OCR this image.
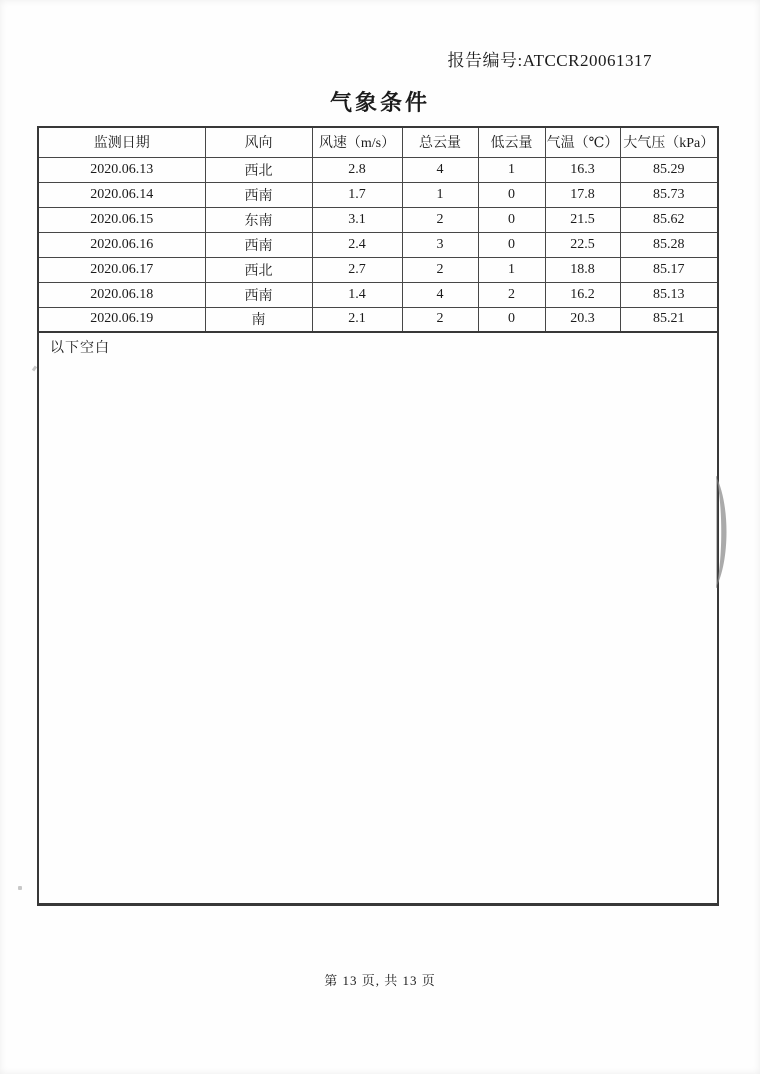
报告编号:ATCCR20061317
气象条件
监测日期	风向	风速（m/s）	总云量	低云量	气温（℃）	大气压（kPa）
2020.06.13	西北	2.8	4	1	16.3	85.29
2020.06.14	西南	1.7	1	0	17.8	85.73
2020.06.15	东南	3.1	2	0	21.5	85.62
2020.06.16	西南	2.4	3	0	22.5	85.28
2020.06.17	西北	2.7	2	1	18.8	85.17
2020.06.18	西南	1.4	4	2	16.2	85.13
2020.06.19	南	2.1	2	0	20.3	85.21
以下空白
第 13 页, 共 13 页
